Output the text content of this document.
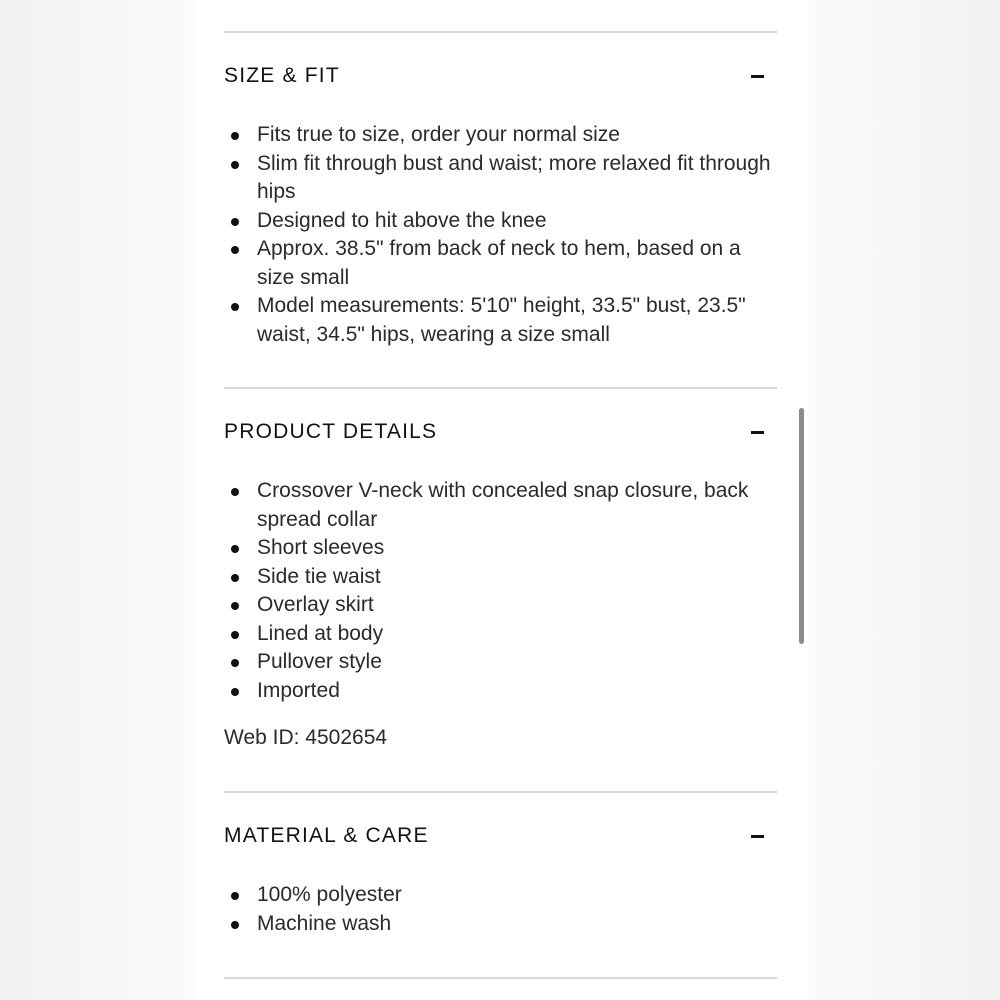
SIZE & FIT
Fits true to size, order your normal size
Slim fit through bust and waist; more relaxed fit through hips
Designed to hit above the knee
Approx. 38.5" from back of neck to hem, based on a size small
Model measurements: 5'10" height, 33.5" bust, 23.5" waist, 34.5" hips, wearing a size small
PRODUCT DETAILS
Crossover V-neck with concealed snap closure, back spread collar
Short sleeves
Side tie waist
Overlay skirt
Lined at body
Pullover style
Imported
Web ID: 4502654
MATERIAL & CARE
100% polyester
Machine wash
